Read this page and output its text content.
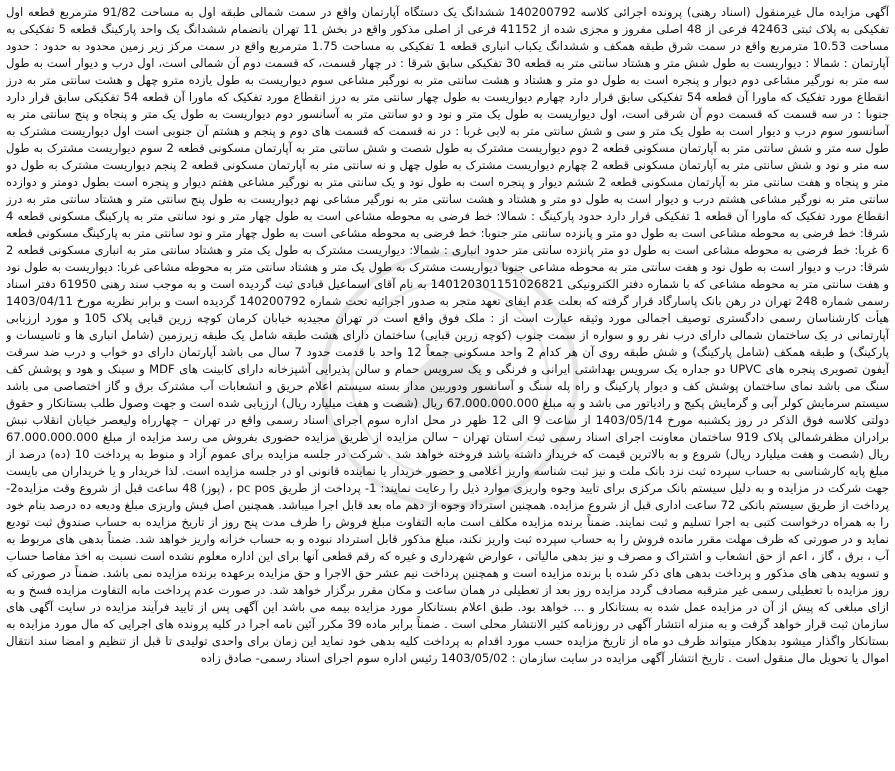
آگهی مزایده مال غیرمنقول (اسناد رهنی) پرونده اجرائی کلاسه 140200792 ششدانگ یک دستگاه آپارتمان واقع در سمت شمالی طبقه اول به مساحت 91/82 مترمربع قطعه اول تفکیکی به پلاک ثبتی 42463 فرعی از 48 اصلی مفروز و مجزی شده از 41152 فرعی از اصلی مذکور واقع در بخش 11 تهران بانضمام ششدانگ یک واحد پارکینگ قطعه 5 تفکیکی به مساحت 10.53 مترمربع واقع در سمت شرق طبقه همکف و ششدانگ یکباب انباری قطعه 1 تفکیکی به مساحت 1.75 مترمربع واقع در سمت مرکز زیر زمین محدود به حدود : حدود آپارتمان : شمالا : دیواریست به طول شش متر و هشتاد سانتی متر به قطعه 30 تفکیکی سابق شرقا : در چهار قسمت، که قسمت دوم آن شمالی است، اول درب و دیوار است به طول سه متر به نورگیر مشاعی دوم دیوار و پنجره است به طول دو متر و هشتاد و هشت سانتی متر به نورگیر مشاعی سوم دیواریست به طول یازده مترو چهل و هشت سانتی متر به درز انقطاع مورد تفکیک که ماورا آن قطعه 54 تفکیکی سابق قرار دارد چهارم دیواریست به طول چهار سانتی متر به درز انقطاع مورد تفکیک که ماورا آن قطعه 54 تفکیکی سابق قرار دارد جنوبا : در سه قسمت که قسمت دوم آن شرقی است، اول دیواریست به طول یک متر و نود و دو سانتی متر به آسانسور دوم دیواریست به طول یک متر و پنجاه و پنج سانتی متر به آسانسور سوم درب و دیوار است به طول یک متر و سی و شش سانتی متر به لابی غربا : در نه قسمت که قسمت های دوم و پنجم و هشتم آن جنوبی است اول دیواریست مشترک به طول سه متر و شش سانتی متر به آپارتمان مسکونی قطعه 2 دوم دیواریست مشترک به طول شصت و شش سانتی متر به آپارتمان مسکونی قطعه 2 سوم دیواریست مشترک به طول سه متر و نود و شش سانتی متر به آپارتمان مسکونی قطعه 2 چهارم دیواریست مشترک به طول چهل و نه سانتی متر به آپارتمان مسکونی قطعه 2 پنجم دیواریست مشترک به طول دو متر و پنجاه و هفت سانتی متر به آپارتمان مسکونی قطعه 2 ششم دیوار و پنجره است به طول نود و یک سانتی متر به نورگیر مشاعی هفتم دیوار و پنجره است بطول دومتر و دوازده سانتی متر به نورگیر مشاعی هشتم درب و دیوار است به طول دو متر و هشتاد و هشت سانتی متر به نورگیر مشاعی نهم دیواریست به طول پنج سانتی متر و هشتاد سانتی متر به درز انقطاع مورد تفکیک که ماورا آن قطعه 1 تفکیکی قرار دارد حدود پارکینگ : شمالا: خط فرضی به محوطه مشاعی است به طول چهار متر و نود سانتی متر به پارکینگ مسکونی قطعه 4 شرقا: خط فرضی به محوطه مشاعی است به طول دو متر و پانزده سانتی متر جنوبا: خط فرضی به محوطه مشاعی است به طول چهار متر و نود سانتی متر به پارکینگ مسکونی قطعه 6 غربا: خط فرضی به محوطه مشاعی است به طول دو متر پانزده سانتی متر حدود انباری : شمالا: دیواریست مشترک به طول یک متر و هشتاد سانتی متر به انباری مسکونی قطعه 2 شرقا: درب و دیوار است به طول نود و هفت سانتی متر به محوطه مشاعی جنوبا دیواریست مشترک به طول یک متر و هشتاد سانتی متر به محوطه مشاعی غربا: دیواریست به طول نود و هفت سانتی متر به محوطه مشاعی که با شماره دفتر الکترونیکی 140120301151026821 به نام آقای اسماعیل قبادی ثبت گردیده است و به موجب سند رهنی 61950 دفتر اسناد رسمی شماره 248 تهران در رهن بانک پاسارگاد قرار گرفته که بعلت عدم ایفای تعهد متجر به صدور اجرائیه تحت شماره 140200792 گردیده است و برابر نظریه مورخ 1403/04/11 هیأت کارشناسان رسمی دادگستری توصیف اجمالی مورد وثیقه عبارت است از : ملک فوق واقع است در تهران مجیدیه خیابان کرمان کوچه زرین قبایی پلاک 105 و مورد ارزیابی آپارتمانی در یک ساختمان شمالی دارای درب نفر رو و سواره از سمت جنوب (کوچه زرین قبایی) ساختمان دارای هشت طبقه شامل یک طبقه زیرزمین (شامل انباری ها و تاسیسات و پارکینگ) و طبقه همکف (شامل پارکینگ) و شش طبقه روی آن هر کدام 2 واحد مسکونی جمعاً 12 واحد با قدمت حدود 7 سال می باشد آپارتمان دارای دو خواب و درب ضد سرقت آیفون تصویری پنجره های UPVC دو جداره یک سرویس بهداشتی ایرانی و فرنگی و یک سرویس حمام و سالن پذیرایی آشپزخانه دارای کابینت های MDF و سینک و هود و پوشش کف سنگ می باشد نمای ساختمان پوشش کف و دیوار پارکینگ و راه پله سنگ و آسانسور ودوربین مدار بسته سیستم اعلام حریق و انشعابات آب مشترک برق و گاز اختصاصی می باشد سیستم سرمایش کولر آبی و گرمایش پکیج و رادیاتور می باشد و به مبلغ 67.000.000.000 ریال (شصت و هفت میلیارد ریال) ارزیابی شده است و جهت وصول طلب بستانکار و حقوق دولتی کلاسه فوق الذکر در روز یکشنبه مورخ 1403/05/14 از ساعت 9 الی 12 ظهر در محل اداره سوم اجرای اسناد رسمی واقع در تهران – چهارراه ولیعصر خیابان انقلاب نبش برادران مظفرشمالی پلاک 919 ساختمان معاونت اجرای اسناد رسمی ثبت استان تهران – سالن مزایده از طریق مزایده حضوری بفروش می رسد مزایده از مبلغ 67.000.000.000 ریال (شصت و هفت میلیارد ریال) شروع و به بالاترین قیمت که خریدار داشته باشد فروخته خواهد شد . شرکت در جلسه مزایده برای عموم آزاد و منوط به پرداخت 10 (ده) درصد از مبلغ پایه کارشناسی به حساب سپرده ثبت نزد بانک ملت و نیز ثبت شناسه واریز اعلامی و حضور خریدار یا نماینده قانونی او در جلسه مزایده است. لذا خریدار و یا خریداران می بایست جهت شرکت در مزایده و به دلیل سیستم بانک مرکزی برای تایید وجوه واریزی موارد ذیل را رعایت نمایند: 1- پرداخت از طریق pc pos ، (پوز) 48 ساعت قبل از شروع وقت مزایده2- پرداخت از طریق سیستم بانکی 72 ساعت اداری قبل از شروع مزایده. همچنین استرداد وجوه از دهم ماه بعد قابل اجرا میباشد. همچنین اصل فیش واریزی مبلغ ودیعه ده درصد بنام خود را به همراه درخواست کتبی به اجرا تسلیم و ثبت نمایند. ضمناً برنده مزایده مکلف است مابه التفاوت مبلغ فروش را ظرف مدت پنج روز از تاریخ مزایده به حساب صندوق ثبت تودیع نماید و در صورتی که ظرف مهلت مقرر مانده فروش را به حساب سپرده ثبت واریز نکند، مبلغ مذکور قابل استرداد نبوده و به حساب خزانه واریز خواهد شد. ضمناً بدهی های مربوط به آب ، برق ، گاز ، اعم از حق انشعاب و اشتراک و مصرف و نیز بدهی مالیاتی ، عوارض شهرداری و غیره که رقم قطعی آنها برای این اداره معلوم نشده است نسبت به اخذ مفاصا حساب و تسویه بدهی های مذکور و پرداخت بدهی های ذکر شده با برنده مزایده است و همچنین پرداخت نیم عشر حق الاجرا و حق مزایده برعهده برنده مزایده نمی باشد. ضمناً در صورتی که روز مزایده با تعطیلی رسمی غیر مترقبه مصادف گردد مزایده روز بعد از تعطیلی در همان ساعت و مکان مقرر برگزار خواهد شد. در صورت عدم پرداخت مابه التفاوت مزایده فسخ و به ازای مبلغی که پیش از آن در مزایده عمل شده به بستانکار و ... خواهد بود. طبق اعلام بستانکار مورد مزایده بیمه می باشد این آگهی پس از تایید فرآیند مزایده در سایت آگهی های سازمان ثبت قرار خواهد گرفت و به منزله انتشار آگهی در روزنامه کثیر الانتشار محلی است . ضمناً برابر ماده 39 مکرر آئین نامه اجرا در کلیه پرونده های اجرایی که مال مورد مزایده به بستانکار واگذار میشود بدهکار میتواند ظرف دو ماه از تاریخ مزایده حسب مورد اقدام به پرداخت کلیه بدهی خود نماید این زمان برای واحدی تولیدی تا قبل از تنظیم و امضا سند انتقال اموال یا تحویل مال منقول است . تاریخ انتشار آگهی مزایده در سایت سازمان : 1403/05/02 رئیس اداره سوم اجرای اسناد رسمی- صادق زاده
